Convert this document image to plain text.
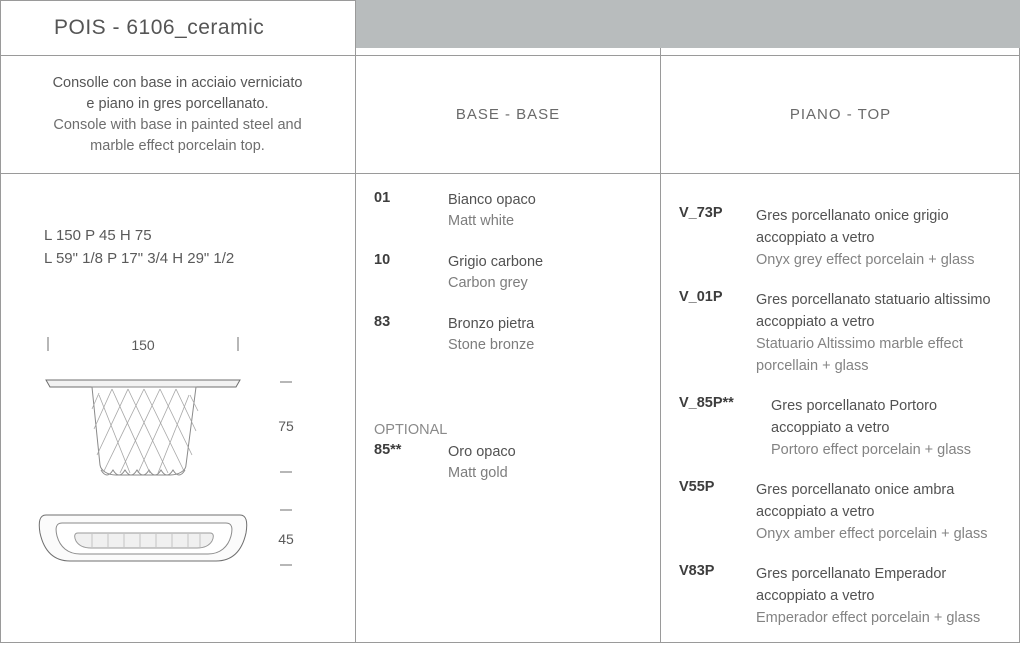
POIS - 6106_ceramic
Consolle con base in acciaio verniciato
e piano in gres porcellanato.
Console with base in painted steel and
marble effect porcelain top.
BASE - BASE	PIANO - TOP
L 150 P 45 H 75
L 59" 1/8 P 17" 3/4 H 29" 1/2
150
75
45
01	Bianco opaco
Matt white
10	Grigio carbone
Carbon grey
83	Bronzo pietra
Stone bronze
OPTIONAL
85**	Oro opaco
Matt gold
V_73P Gres porcellanato onice grigio
accoppiato a vetro
Onyx grey effect porcelain + glass
V_01P Gres porcellanato statuario altissimo
accoppiato a vetro
Statuario Altissimo marble effect
porcellain + glass
V_85P**	Gres porcellanato Portoro
accoppiato a vetro
Portoro effect porcelain + glass
V55P	Gres porcellanato onice ambra
accoppiato a vetro
Onyx amber effect porcelain + glass
V83P	Gres porcellanato Emperador
accoppiato a vetro
Emperador effect porcelain + glass
